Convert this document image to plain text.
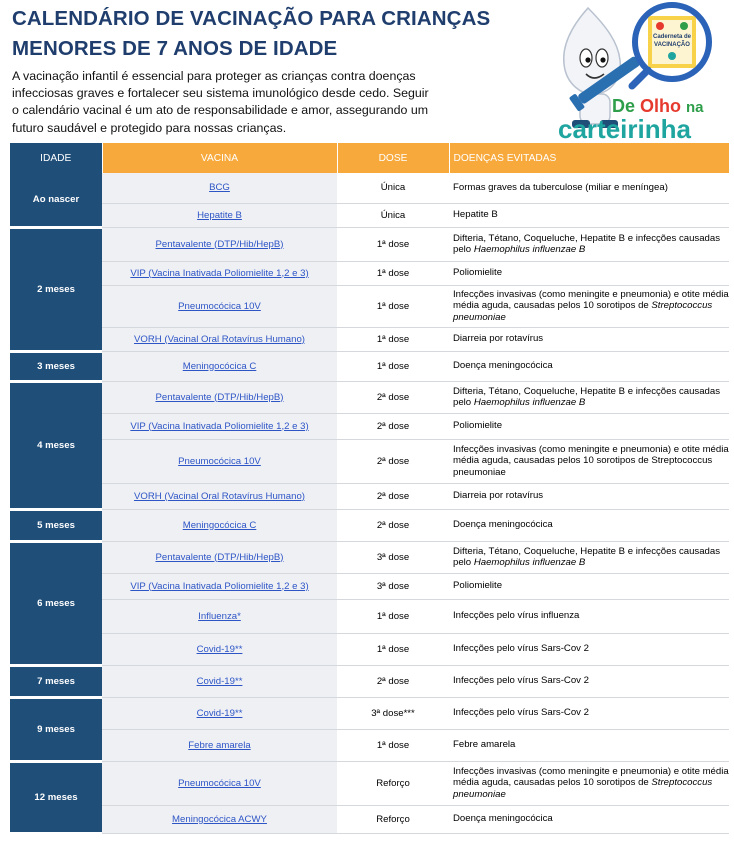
CALENDÁRIO DE VACINAÇÃO PARA CRIANÇAS MENORES DE 7 ANOS DE IDADE

A vacinação infantil é essencial para proteger as crianças contra doenças infecciosas graves e fortalecer seu sistema imunológico desde cedo. Seguir o calendário vacinal é um ato de responsabilidade e amor, assegurando um futuro saudável e protegido para nossas crianças.

Caderneta de
VACINAÇÃO
De Olho na
carteirinha
IDADE	VACINA	DOSE	DOENÇAS EVITADAS
Ao nascer	BCG	Única	Formas graves da tuberculose (miliar e meníngea)
	Hepatite B	Única	Hepatite B
2 meses	Pentavalente (DTP/Hib/HepB)	1ª dose	Difteria, Tétano, Coqueluche, Hepatite B e infecções causadas pelo Haemophilus influenzae B
	VIP (Vacina Inativada Poliomielite 1,2 e 3)	1ª dose	Poliomielite
	Pneumocócica 10V	1ª dose	Infecções invasivas (como meningite e pneumonia) e otite média média aguda, causadas pelos 10 sorotipos de Streptococcus pneumoniae
	VORH (Vacinal Oral Rotavírus Humano)	1ª dose	Diarreia por rotavírus
3 meses	Meningocócica C	1ª dose	Doença meningocócica
4 meses	Pentavalente (DTP/Hib/HepB)	2ª dose	Difteria, Tétano, Coqueluche, Hepatite B e infecções causadas pelo Haemophilus influenzae B
	VIP (Vacina Inativada Poliomielite 1,2 e 3)	2ª dose	Poliomielite
	Pneumocócica 10V	2ª dose	Infecções invasivas (como meningite e pneumonia) e otite média média aguda, causadas pelos 10 sorotipos de Streptococcus pneumoniae
	VORH (Vacinal Oral Rotavírus Humano)	2ª dose	Diarreia por rotavírus
5 meses	Meningocócica C	2ª dose	Doença meningocócica
6 meses	Pentavalente (DTP/Hib/HepB)	3ª dose	Difteria, Tétano, Coqueluche, Hepatite B e infecções causadas pelo Haemophilus influenzae B
	VIP (Vacina Inativada Poliomielite 1,2 e 3)	3ª dose	Poliomielite
	Influenza*	1ª dose	Infecções pelo vírus influenza
	Covid-19**	1ª dose	Infecções pelo vírus Sars-Cov 2
7 meses	Covid-19**	2ª dose	Infecções pelo vírus Sars-Cov 2
9 meses	Covid-19**	3ª dose***	Infecções pelo vírus Sars-Cov 2
	Febre amarela	1ª dose	Febre amarela
12 meses	Pneumocócica 10V	Reforço	Infecções invasivas (como meningite e pneumonia) e otite média média aguda, causadas pelos 10 sorotipos de Streptococcus pneumoniae
	Meningocócica ACWY	Reforço	Doença meningocócica
